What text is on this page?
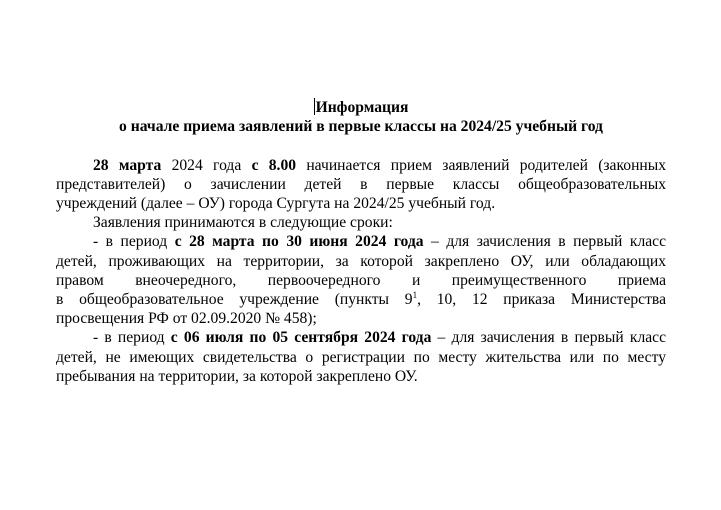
Информация

о начале приема заявлений в первые классы на 2024/25 учебный год

28 марта 2024 года с 8.00 начинается прием заявлений родителей (законных
представителей) о зачислении детей в первые классы общеобразовательных
учреждений (далее – ОУ) города Сургута на 2024/25 учебный год.
Заявления принимаются в следующие сроки:
- в период с 28 марта по 30 июня 2024 года – для зачисления в первый класс
детей, проживающих на территории, за которой закреплено ОУ, или обладающих
правом внеочередного, первоочередного и преимущественного приема
в общеобразовательное учреждение (пункты $9^1$, 10, 12 приказа Министерства
просвещения РФ от 02.09.2020 № 458);
- в период с 06 июля по 05 сентября 2024 года – для зачисления в первый класс
детей, не имеющих свидетельства о регистрации по месту жительства или по месту
пребывания на территории, за которой закреплено ОУ.
